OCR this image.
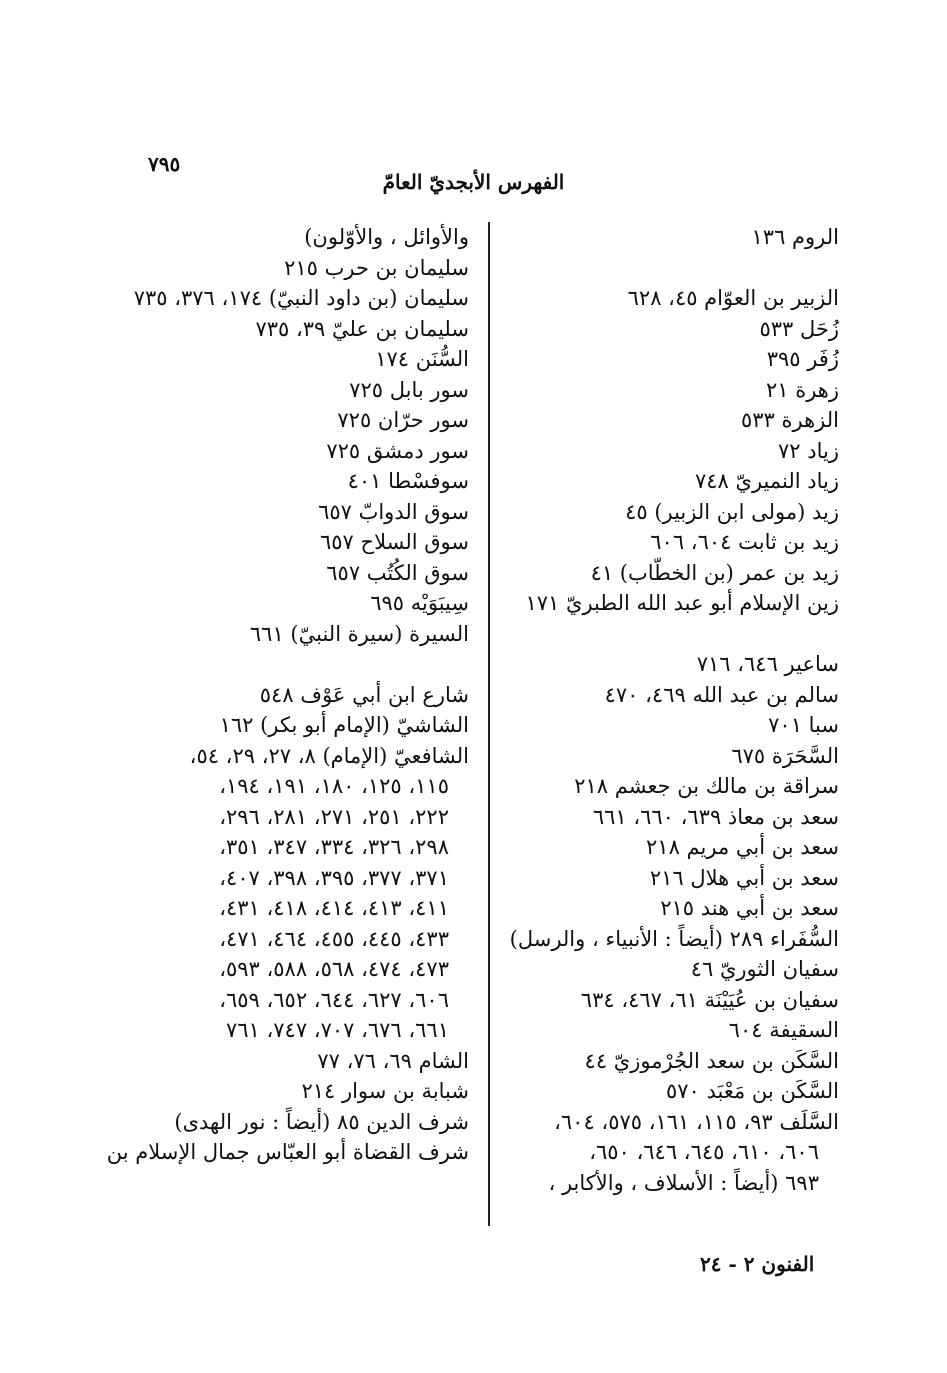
٧٩٥
الفهرس الأبجديّ العامّ
الروم ١٣٦
الزبير بن العوّام ٤٥، ٦٢٨
زُحَل ٥٣٣
زُفَر ٣٩٥
زهرة ٢١
الزهرة ٥٣٣
زياد ٧٢
زياد النميريّ ٧٤٨
زيد (مولى ابن الزبير) ٤٥
زيد بن ثابت ٦٠٤، ٦٠٦
زيد بن عمر (بن الخطّاب) ٤١
زين الإسلام أبو عبد الله الطبريّ ١٧١
ساعير ٦٤٦، ٧١٦
سالم بن عبد الله ٤٦٩، ٤٧٠
سبا ٧٠١
السَّحَرَة ٦٧٥
سراقة بن مالك بن جعشم ٢١٨
سعد بن معاذ ٦٣٩، ٦٦٠، ٦٦١
سعد بن أبي مريم ٢١٨
سعد بن أبي هلال ٢١٦
سعد بن أبي هند ٢١٥
السُّفَراء ٢٨٩ (أيضاً : الأنبياء ، والرسل)
سفيان الثوريّ ٤٦
سفيان بن عُيَيْنَة ٦١، ٤٦٧، ٦٣٤
السقيفة ٦٠٤
السَّكَن بن سعد الجُرْموزيّ ٤٤
السَّكَن بن مَعْبَد ٥٧٠
السَّلَف ٩٣، ١١٥، ١٦١، ٥٧٥، ٦٠٤،
٦٠٦، ٦١٠، ٦٤٥، ٦٤٦، ٦٥٠،
٦٩٣ (أيضاً : الأسلاف ، والأكابر ،
والأوائل ، والأوّلون)
سليمان بن حرب ٢١٥
سليمان (بن داود النبيّ) ١٧٤، ٣٧٦، ٧٣٥
سليمان بن عليّ ٣٩، ٧٣٥
السُّنَن ١٧٤
سور بابل ٧٢٥
سور حرّان ٧٢٥
سور دمشق ٧٢٥
سوفسْطا ٤٠١
سوق الدوابّ ٦٥٧
سوق السلاح ٦٥٧
سوق الكُتُب ٦٥٧
سِيبَوَيْه ٦٩٥
السيرة (سيرة النبيّ) ٦٦١
شارع ابن أبي عَوْف ٥٤٨
الشاشيّ (الإمام أبو بكر) ١٦٢
الشافعيّ (الإمام) ٨، ٢٧، ٢٩، ٥٤،
١١٥، ١٢٥، ١٨٠، ١٩١، ١٩٤،
٢٢٢، ٢٥١، ٢٧١، ٢٨١، ٢٩٦،
٢٩٨، ٣٢٦، ٣٣٤، ٣٤٧، ٣٥١،
٣٧١، ٣٧٧، ٣٩٥، ٣٩٨، ٤٠٧،
٤١١، ٤١٣، ٤١٤، ٤١٨، ٤٣١،
٤٣٣، ٤٤٥، ٤٥٥، ٤٦٤، ٤٧١،
٤٧٣، ٤٧٤، ٥٦٨، ٥٨٨، ٥٩٣،
٦٠٦، ٦٢٧، ٦٤٤، ٦٥٢، ٦٥٩،
٦٦١، ٦٧٦، ٧٠٧، ٧٤٧، ٧٦١
الشام ٦٩، ٧٦، ٧٧
شبابة بن سوار ٢١٤
شرف الدين ٨٥ (أيضاً : نور الهدى)
شرف القضاة أبو العبّاس جمال الإسلام بن
الفنون ٢ - ٢٤
